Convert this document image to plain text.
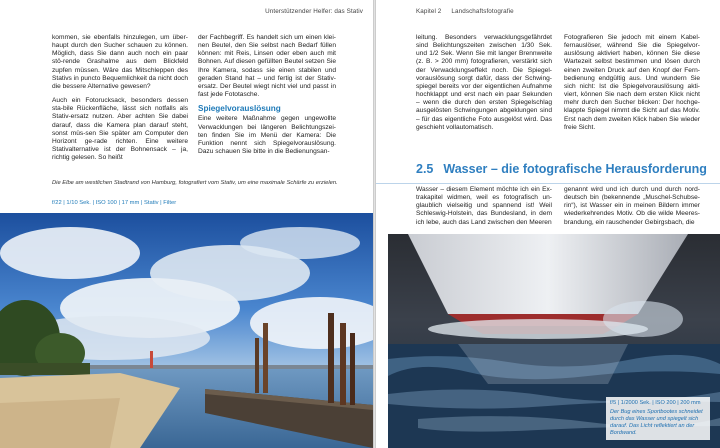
Unterstützender Helfer: das Stativ

kommen, sie ebenfalls hinzulegen, um über-haupt durch den Sucher schauen zu können. Möglich, dass Sie dann auch noch ein paar stö-rende Grashalme aus dem Blickfeld zupfen müssen. Wäre das Mitschleppen des Stativs in puncto Bequemlichkeit da nicht doch die bessere Alternative gewesen?

Auch ein Fotorucksack, besonders dessen sta-bile Rückenfläche, lässt sich notfalls als Stativ-ersatz nutzen. Aber achten Sie dabei darauf, dass die Kamera plan darauf steht, sonst müs-sen Sie später am Computer den Horizont ge-rade richten. Eine weitere Stativalternative ist der Bohnensack – ja, richtig gelesen. So heißt

der Fachbegriff. Es handelt sich um einen klei-nen Beutel, den Sie selbst nach Bedarf füllen können: mit Reis, Linsen oder eben auch mit Bohnen. Auf diesen gefüllten Beutel setzen Sie Ihre Kamera, sodass sie einen stabilen und geraden Stand hat – und fertig ist der Stativ-ersatz. Der Beutel wiegt nicht viel und passt in fast jede Fototasche.

Spiegelvorauslösung

Eine weitere Maßnahme gegen ungewollte Verwacklungen bei längeren Belichtungszei-ten finden Sie im Menü der Kamera: Die Funktion nennt sich Spiegelvorauslösung. Dazu schauen Sie bitte in die Bedienungsan-

Die Elbe am westlichen Stadtrand von Hamburg, fotografiert vom Stativ, um eine maximale Schärfe zu erzielen.
f/22 | 1/10 Sek. | ISO 100 | 17 mm | Stativ | Filter
Kapitel 2 Landschaftsfotografie

leitung. Besonders verwacklungsgefährdet sind Belichtungszeiten zwischen 1/30 Sek. und 1/2 Sek. Wenn Sie mit langer Brennweite (z. B. > 200 mm) fotografieren, verstärkt sich der Verwacklungseffekt noch. Die Spiegel-vorauslösung sorgt dafür, dass der Schwing-spiegel bereits vor der eigentlichen Aufnahme hochklappt und erst nach ein paar Sekunden – wenn die durch den ersten Spiegelschlag ausgelösten Schwingungen abgeklungen sind – für das eigentliche Foto ausgelöst wird. Das geschieht vollautomatisch.

Fotografieren Sie jedoch mit einem Kabel-fernauslöser, während Sie die Spiegelvor-auslösung aktiviert haben, können Sie diese Wartezeit selbst bestimmen und lösen durch einen zweiten Druck auf den Knopf der Fern-bedienung endgültig aus. Und wundern Sie sich nicht: Ist die Spiegelvorauslösung akti-viert, können Sie nach dem ersten Klick nicht mehr durch den Sucher blicken: Der hochge-klappte Spiegel nimmt die Sicht auf das Motiv. Erst nach dem zweiten Klick haben Sie wieder freie Sicht.

2.5 Wasser – die fotografische Herausforderung

Wasser – diesem Element möchte ich ein Ex-trakapitel widmen, weil es fotografisch un-glaublich vielseitig und spannend ist! Weil Schleswig-Holstein, das Bundesland, in dem ich lebe, auch das Land zwischen den Meeren

genannt wird und ich durch und durch nord-deutsch bin (bekennende „Muschel-Schubse-rin“), ist Wasser ein in meinen Bildern immer wiederkehrendes Motiv. Ob die wilde Meeres-brandung, ein rauschender Gebirgsbach, die

f/5 | 1/2000 Sek. | ISO 200 | 200 mm
Der Bug eines Sportbootes schneidet durch das Wasser und spiegelt sich darauf. Das Licht reflektiert an der Bordwand.
